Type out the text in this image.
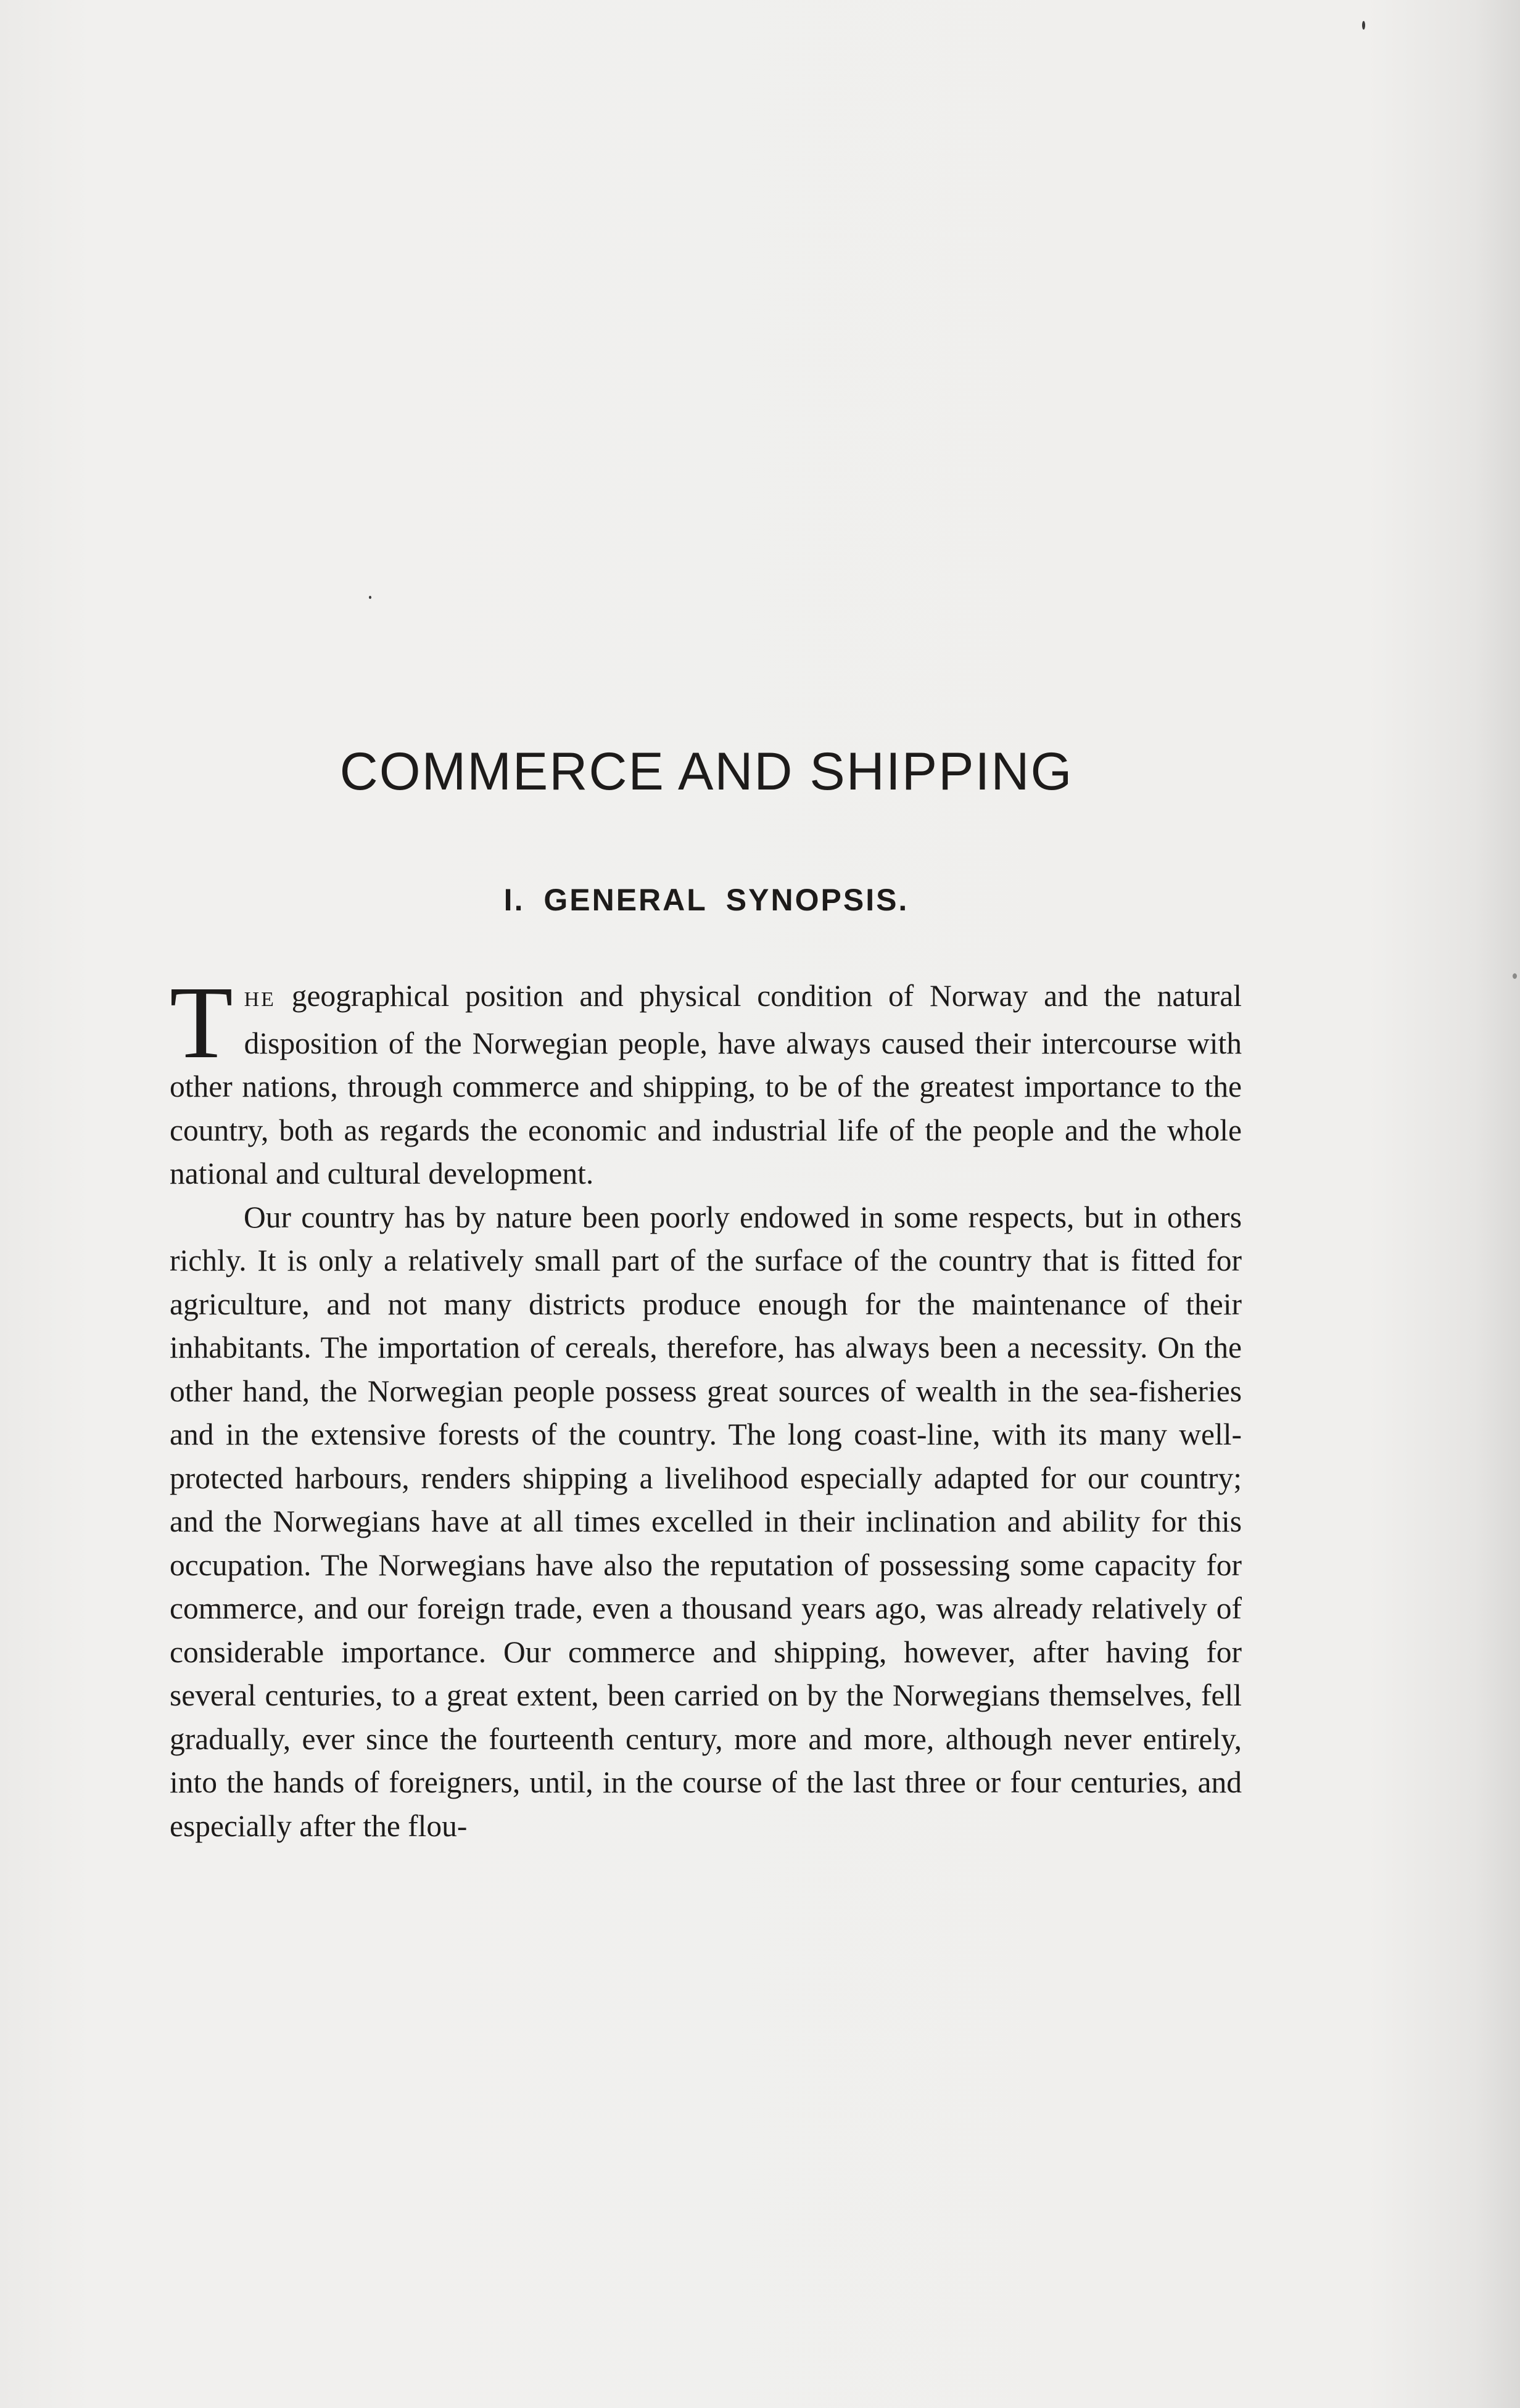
COMMERCE AND SHIPPING
I. GENERAL SYNOPSIS.

THE geographical position and physical condition of Norway and the natural disposition of the Norwegian people, have always caused their intercourse with other nations, through commerce and shipping, to be of the greatest importance to the country, both as regards the economic and industrial life of the people and the whole national and cultural development.

Our country has by nature been poorly endowed in some respects, but in others richly. It is only a relatively small part of the surface of the country that is fitted for agriculture, and not many districts produce enough for the maintenance of their inhabitants. The importation of cereals, therefore, has always been a necessity. On the other hand, the Norwegian people possess great sources of wealth in the sea-fisheries and in the extensive forests of the country. The long coast-line, with its many well-protected harbours, renders shipping a livelihood especially adapted for our country; and the Norwegians have at all times excelled in their inclination and ability for this occupation. The Norwegians have also the reputation of possessing some capacity for commerce, and our foreign trade, even a thousand years ago, was already relatively of considerable importance. Our commerce and shipping, however, after having for several centuries, to a great extent, been carried on by the Norwegians themselves, fell gradually, ever since the fourteenth century, more and more, although never entirely, into the hands of foreigners, until, in the course of the last three or four centuries, and especially after the flou-
